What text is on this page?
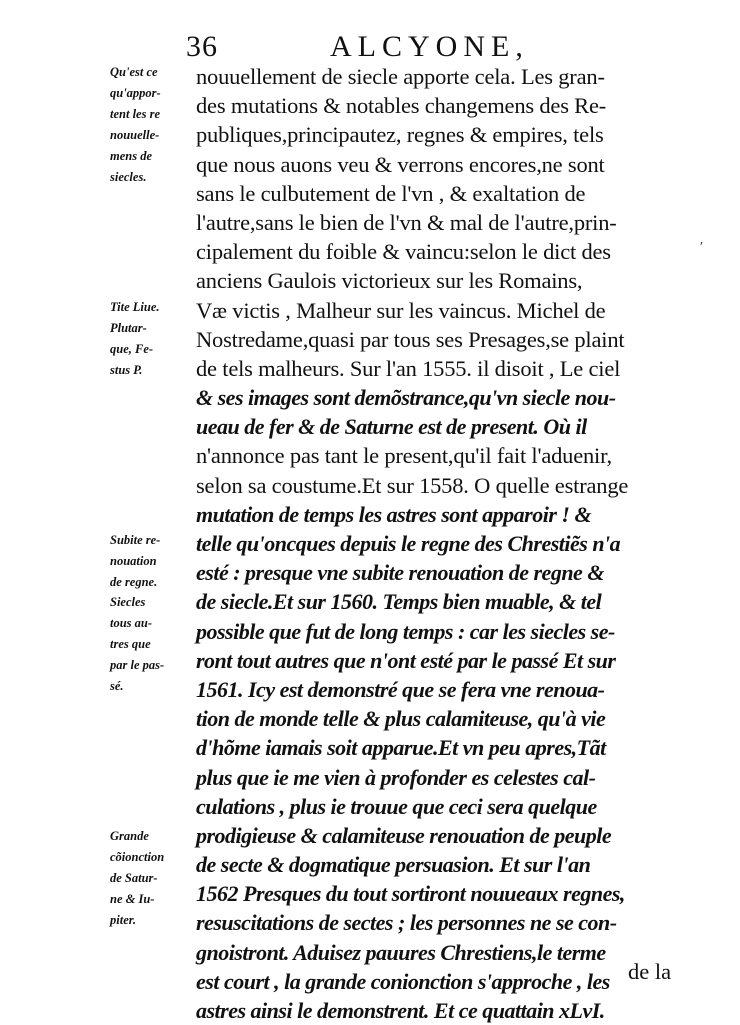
36	ALCYONE,
nouuellement de siecle apporte cela. Les gran-
des mutations & notables changemens des Re-
publiques,principautez, regnes & empires, tels
que nous auons veu & verrons encores,ne sont
sans le culbutement de l'vn , & exaltation de
l'autre,sans le bien de l'vn & mal de l'autre,prin-
cipalement du foible & vaincu:selon le dict des
anciens Gaulois victorieux sur les Romains,
Væ victis , Malheur sur les vaincus. Michel de
Nostredame,quasi par tous ses Presages,se plaint
de tels malheurs. Sur l'an 1555. il disoit , Le ciel
& ses images sont demõstrance,qu'vn siecle nou-
ueau de fer & de Saturne est de present. Où il
n'annonce pas tant le present,qu'il fait l'aduenir,
selon sa coustume.Et sur 1558. O quelle estrange
mutation de temps les astres sont apparoir ! &
telle qu'oncques depuis le regne des Chrestiẽs n'a
esté : presque vne subite renouation de regne &
de siecle.Et sur 1560. Temps bien muable, & tel
possible que fut de long temps : car les siecles se-
ront tout autres que n'ont esté par le passé Et sur
1561. Icy est demonstré que se fera vne renoua-
tion de monde telle & plus calamiteuse, qu'à vie
d'hõme iamais soit apparue.Et vn peu apres,Tãt
plus que ie me vien à profonder es celestes cal-
culations , plus ie trouue que ceci sera quelque
prodigieuse & calamiteuse renouation de peuple
de secte & dogmatique persuasion. Et sur l'an
1562 Presques du tout sortiront nouueaux regnes,
resuscitations de sectes ; les personnes ne se con-
gnoistront. Aduisez pauures Chrestiens,le terme
est court , la grande conionction s'approche , les
astres ainsi le demonstrent. Et ce quattain xLvI.
de la
Qu'est ce
qu'appor-
tent les re
nouuelle-
mens de
siecles.
Tite Liue.
Plutar-
que, Fe-
stus P.
Subite re-
nouation
de regne.
Siecles
tous au-
tres que
par le pas-
sé.
Grande
cõionction
de Satur-
ne & Iu-
piter.
′
